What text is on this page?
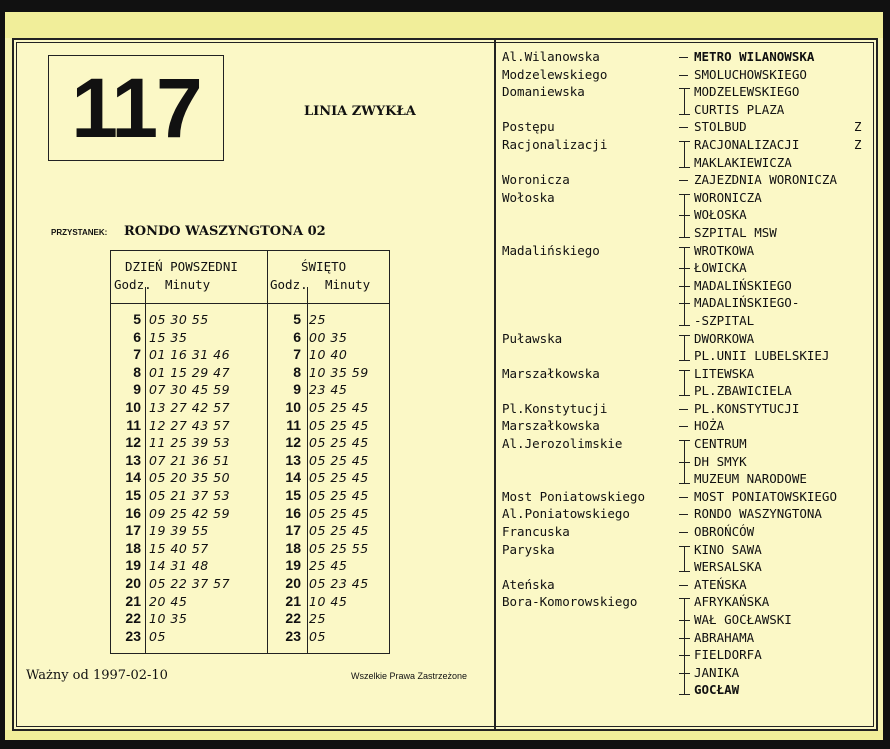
117	LINIA ZWYKŁA
PRZYSTANEK: RONDO WASZYNGTONA 02
DZIEŃ POWSZEDNI	ŚWIĘTO
Godz. Minuty	Godz. Minuty
5 05 30 55	5 25
6 15 35	6 00 35
7 01 16 31 46	7 10 40
8 01 15 29 47	8 10 35 59
9 07 30 45 59	9 23 45
10 13 27 42 57	10 05 25 45
11 12 27 43 57	11 05 25 45
12 11 25 39 53	12 05 25 45
13 07 21 36 51	13 05 25 45
14 05 20 35 50	14 05 25 45
15 05 21 37 53	15 05 25 45
16 09 25 42 59	16 05 25 45
17 19 39 55	17 05 25 45
18 15 40 57	18 05 25 55
19 14 31 48	19 25 45
20 05 22 37 57	20 05 23 45
21 20 45	21 10 45
22 10 35	22 25
23 05	23 05
Ważny od 1997-02-10	Wszelkie Prawa Zastrzeżone
Al.Wilanowska	METRO WILANOWSKA
Modzelewskiego	SMOLUCHOWSKIEGO
Domaniewska	MODZELEWSKIEGO
CURTIS PLAZA
Postępu	STOLBUD	Z
Racjonalizacji	RACJONALIZACJI	Z
MAKLAKIEWICZA
Woronicza	ZAJEZDNIA WORONICZA
Wołoska	WORONICZA
WOŁOSKA
SZPITAL MSW
Madalińskiego	WROTKOWA
ŁOWICKA
MADALIŃSKIEGO
MADALIŃSKIEGO-
-SZPITAL
Puławska	DWORKOWA
PL.UNII LUBELSKIEJ
Marszałkowska	LITEWSKA
PL.ZBAWICIELA
Pl.Konstytucji	PL.KONSTYTUCJI
Marszałkowska	HOŻA
Al.Jerozolimskie	CENTRUM
DH SMYK
MUZEUM NARODOWE
Most Poniatowskiego	MOST PONIATOWSKIEGO
Al.Poniatowskiego	RONDO WASZYNGTONA
Francuska	OBROŃCÓW
Paryska	KINO SAWA
WERSALSKA
Ateńska	ATEŃSKA
Bora-Komorowskiego	AFRYKAŃSKA
WAŁ GOCŁAWSKI
ABRAHAMA
FIELDORFA
JANIKA
GOCŁAW
